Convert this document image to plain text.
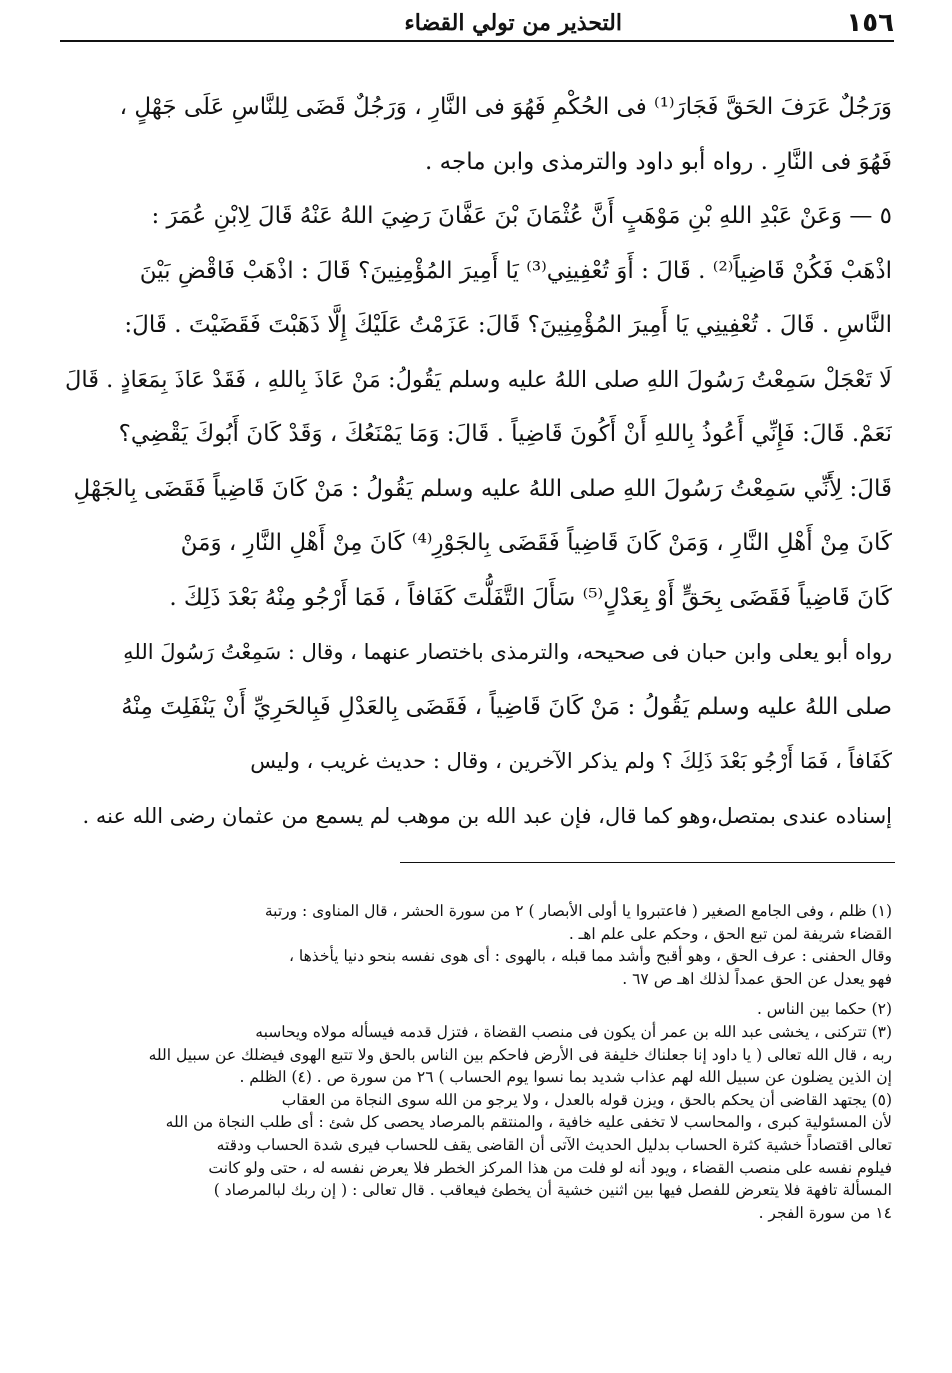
١٥٦
التحذير من تولي القضاء
وَرَجُلٌ عَرَفَ الحَقَّ فَجَارَ⁽¹⁾ فى الحُكْمِ فَهُوَ فى النَّارِ ، وَرَجُلٌ قَضَى لِلنَّاسِ عَلَى جَهْلٍ ،
فَهُوَ فى النَّارِ . رواه أبو داود والترمذى وابن ماجه .
٥ — وَعَنْ عَبْدِ اللهِ بْنِ مَوْهَبٍ أَنَّ عُثْمَانَ بْنَ عَفَّانَ رَضِيَ اللهُ عَنْهُ قَالَ لِابْنِ عُمَرَ :
اذْهَبْ فَكُنْ قَاضِياً⁽²⁾ . قَالَ : أَوَ تُعْفِينِي⁽³⁾ يَا أَمِيرَ المُؤْمِنِينَ؟ قَالَ : اذْهَبْ فَاقْضِ بَيْنَ
النَّاسِ . قَالَ . تُعْفِينِي يَا أَمِيرَ المُؤْمِنِينَ؟ قَالَ: عَزَمْتُ عَلَيْكَ إِلَّا ذَهَبْتَ فَقَضَيْتَ . قَالَ:
لَا تَعْجَلْ سَمِعْتُ رَسُولَ اللهِ صلى اللهُ عليه وسلم يَقُولُ: مَنْ عَاذَ بِاللهِ ، فَقَدْ عَاذَ بِمَعَاذٍ . قَالَ
نَعَمْ. قَالَ: فَإِنِّي أَعُوذُ بِاللهِ أَنْ أَكُونَ قَاضِياً . قَالَ: وَمَا يَمْنَعُكَ ، وَقَدْ كَانَ أَبُوكَ يَقْضِي؟
قَالَ: لِأَنِّي سَمِعْتُ رَسُولَ اللهِ صلى اللهُ عليه وسلم يَقُولُ : مَنْ كَانَ قَاضِياً فَقَضَى بِالجَهْلِ
كَانَ مِنْ أَهْلِ النَّارِ ، وَمَنْ كَانَ قَاضِياً فَقَضَى بِالجَوْرِ⁽⁴⁾ كَانَ مِنْ أَهْلِ النَّارِ ، وَمَنْ
كَانَ قَاضِياً فَقَضَى بِحَقٍّ أَوْ بِعَدْلٍ⁽⁵⁾ سَأَلَ التَّفَلُّتَ كَفَافاً ، فَمَا أَرْجُو مِنْهُ بَعْدَ ذَلِكَ .
رواه أبو يعلى وابن حبان فى صحيحه، والترمذى باختصار عنهما ، وقال : سَمِعْتُ رَسُولَ اللهِ
صلى اللهُ عليه وسلم يَقُولُ : مَنْ كَانَ قَاضِياً ، فَقَضَى بِالعَدْلِ فَبِالحَرِيِّ أَنْ يَنْفَلِتَ مِنْهُ
كَفَافاً ، فَمَا أَرْجُو بَعْدَ ذَلِكَ ؟ ولم يذكر الآخرين ، وقال : حديث غريب ، وليس
إسناده عندى بمتصل،وهو كما قال، فإن عبد الله بن موهب لم يسمع من عثمان رضى الله عنه .
(١) ظلم ، وفى الجامع الصغير ( فاعتبروا يا أولى الأبصار ) ٢ من سورة الحشر ، قال المناوى : ورتبة
القضاء شريفة لمن تبع الحق ، وحكم على علم اهـ .
وقال الحفنى : عرف الحق ، وهو أقبح وأشد مما قبله ، بالهوى : أى هوى نفسه بنحو دنيا يأخذها ،
فهو يعدل عن الحق عمداً لذلك اهـ ص ٦٧ .
(٢) حكما بين الناس .
(٣) تتركنى ، يخشى عبد الله بن عمر أن يكون فى منصب القضاة ، فتزل قدمه فيسأله مولاه ويحاسبه
ربه ، قال الله تعالى ( يا داود إنا جعلناك خليفة فى الأرض فاحكم بين الناس بالحق ولا تتبع الهوى فيضلك عن سبيل الله
إن الذين يضلون عن سبيل الله لهم عذاب شديد بما نسوا يوم الحساب ) ٢٦ من سورة ص . (٤) الظلم .
(٥) يجتهد القاضى أن يحكم بالحق ، ويزن قوله بالعدل ، ولا يرجو من الله سوى النجاة من العقاب
لأن المسئولية كبرى ، والمحاسب لا تخفى عليه خافية ، والمنتقم بالمرصاد يحصى كل شئ : أى طلب النجاة من الله
تعالى اقتصاداً خشية كثرة الحساب بدليل الحديث الآتى أن القاضى يقف للحساب فيرى شدة الحساب ودقته
فيلوم نفسه على منصب القضاء ، ويود أنه لو فلت من هذا المركز الخطر فلا يعرض نفسه له ، حتى ولو كانت
المسألة تافهة فلا يتعرض للفصل فيها بين اثنين خشية أن يخطئ فيعاقب . قال تعالى : ( إن ربك لبالمرصاد )
١٤ من سورة الفجر .
